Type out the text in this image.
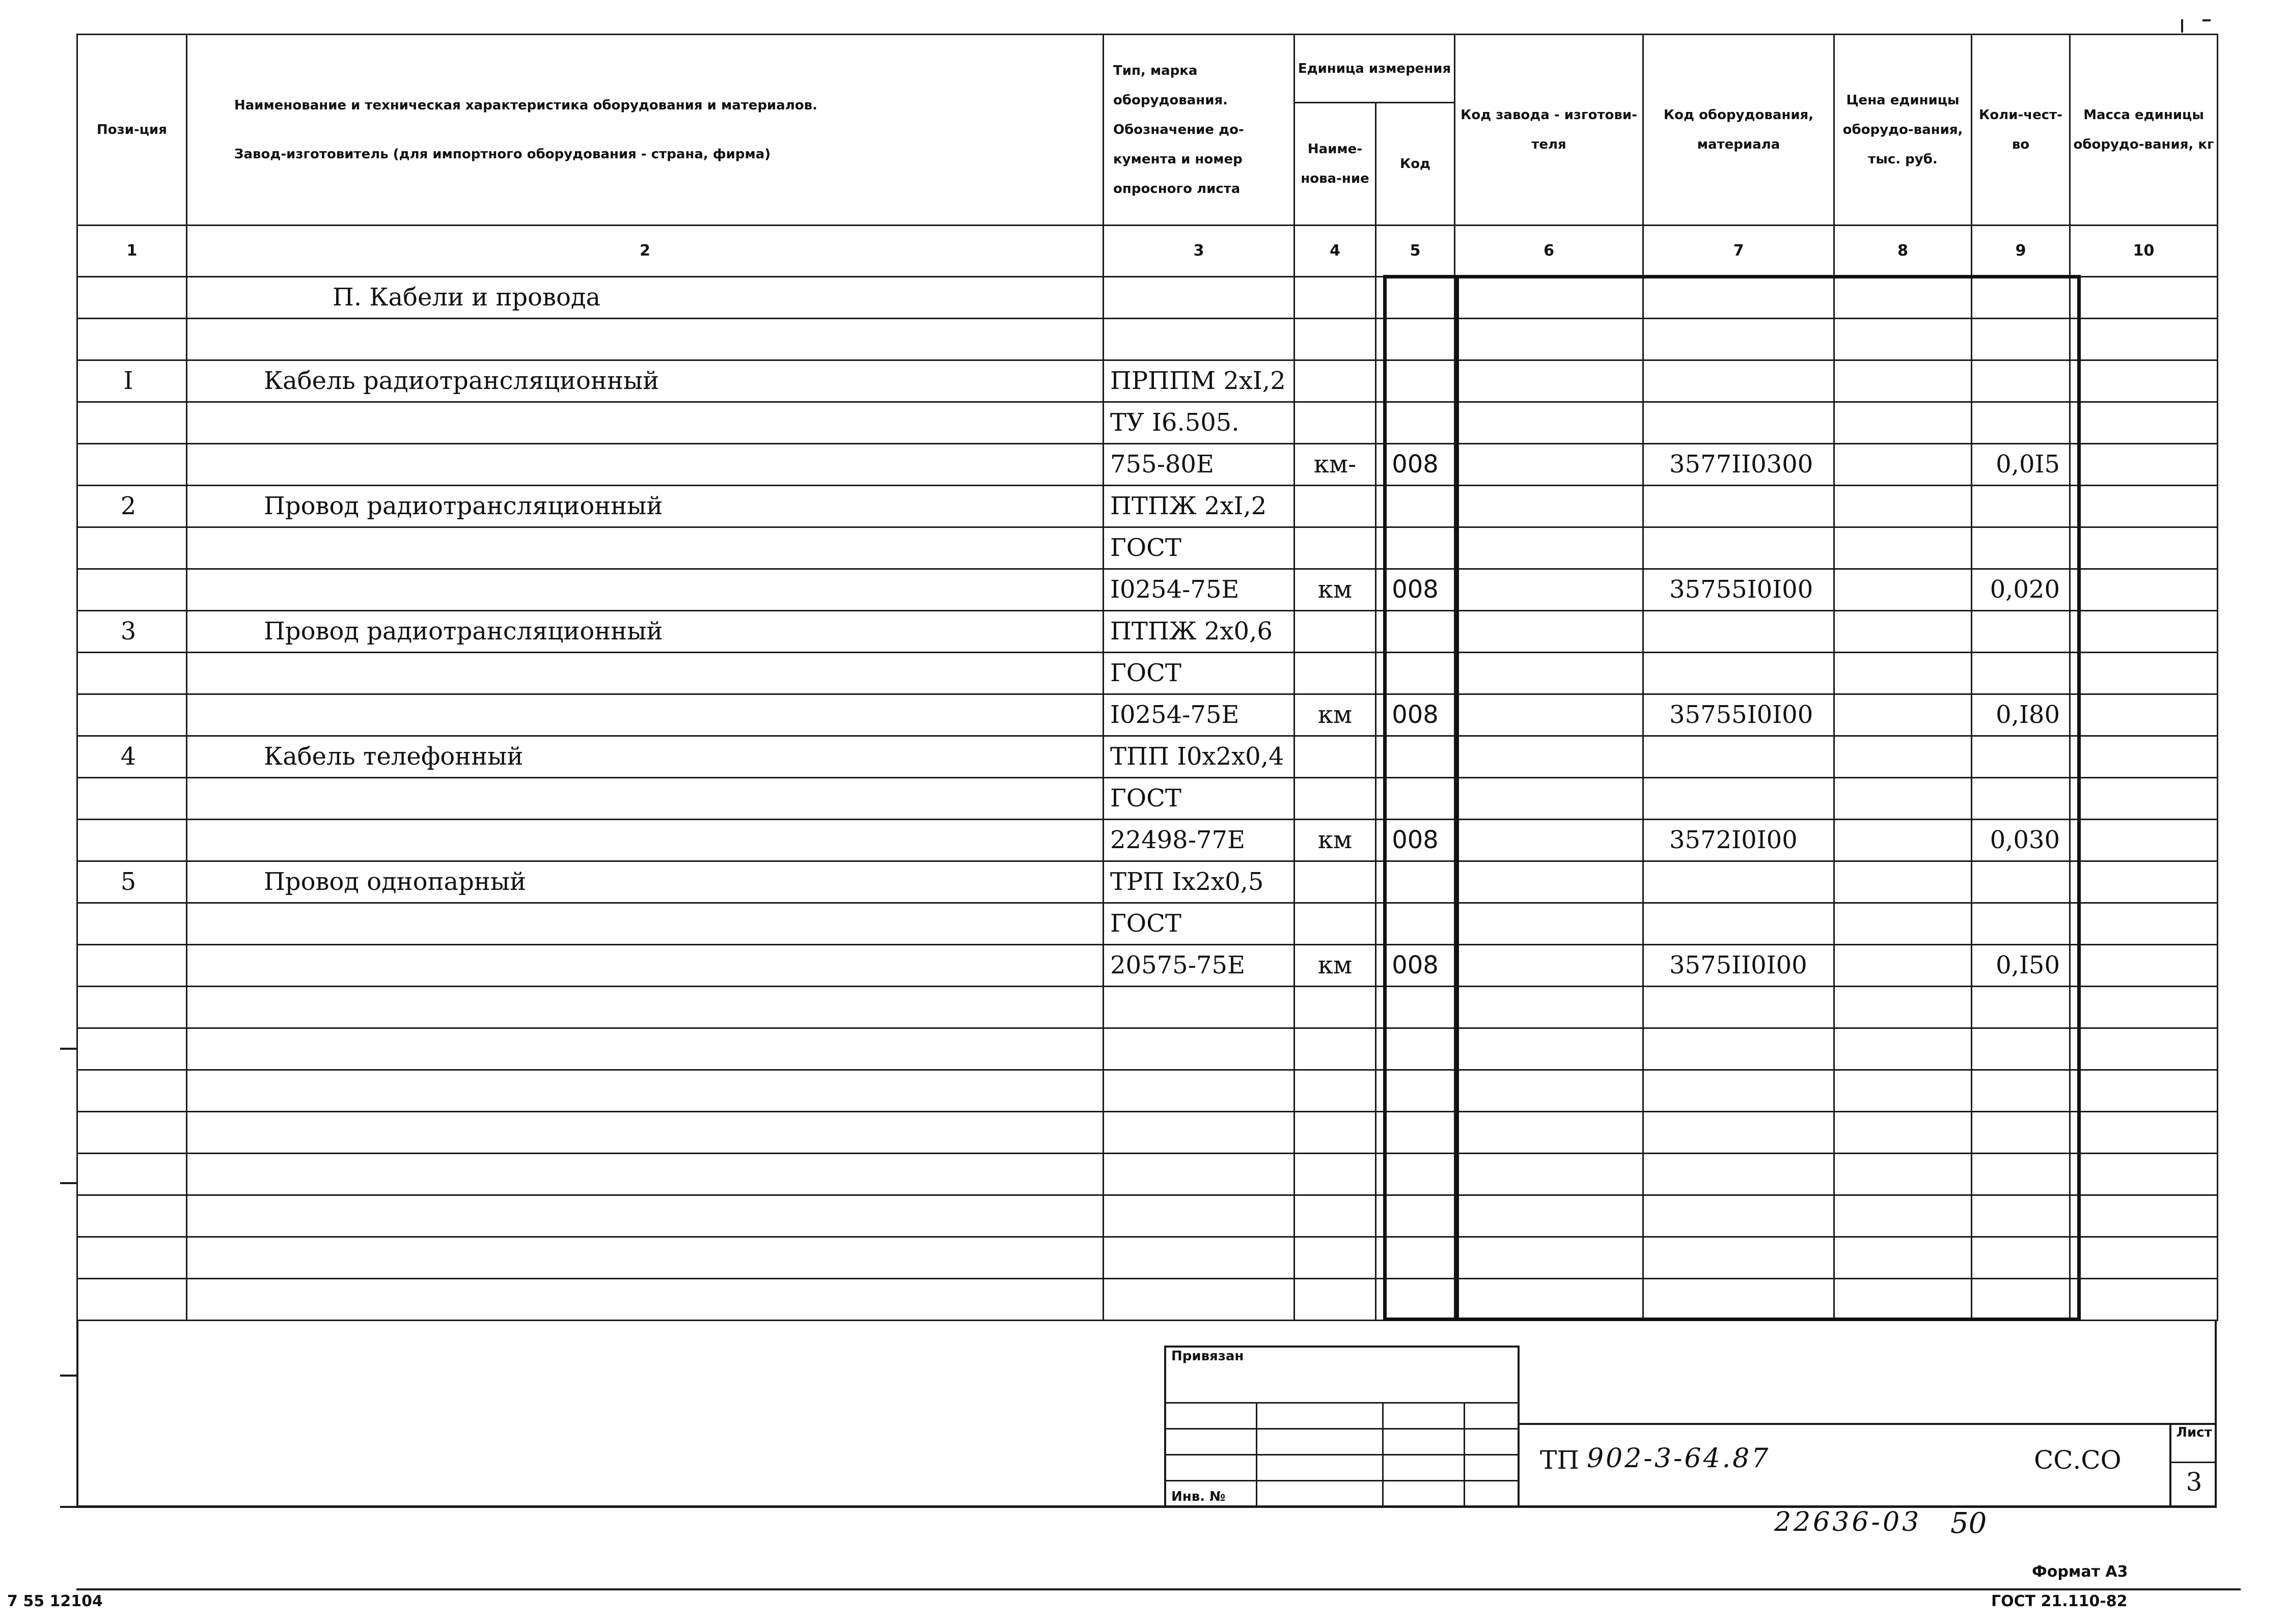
Пози-ция	Наименование и техническая характеристика оборудования и материалов.
Завод-изготовитель (для импортного оборудования - страна, фирма)	Тип, марка оборудования. Обозначение до-кумента и номер опросного листа	Единица измерения		Код завода - изготови-теля	Код оборудования, материала	Цена единицы оборудо-вания, тыс. руб.	Коли-чест-во	Масса единицы оборудо-вания, кг
			Наиме-нова-ние	Код					
1	2	3	4	5	6	7	8	9	10
	П. Кабели и провода								

I	Кабель радиотрансляционный	ПРППМ 2хI,2							
		ТУ I6.505.							
		755-80Е	км-	008		3577II0300		0,0I5	
2	Провод радиотрансляционный	ПТПЖ 2хI,2							
		ГОСТ							
		I0254-75Е	км	008		35755I0I00		0,020	
3	Провод радиотрансляционный	ПТПЖ 2х0,6							
		ГОСТ							
		I0254-75Е	км	008		35755I0I00		0,I80	
4	Кабель телефонный	ТПП I0х2х0,4							
		ГОСТ							
		22498-77Е	км	008		3572I0I00		0,030	
5	Провод однопарный	ТРП Iх2х0,5							
		ГОСТ							
		20575-75Е	км	008		3575II0I00		0,I50	

Привязан
Инв. №
ТП 902-3-64.87	СС.СО
Лист
3
22636-03 50
Формат А3
ГОСТ 21.110-82
7 55 12104
